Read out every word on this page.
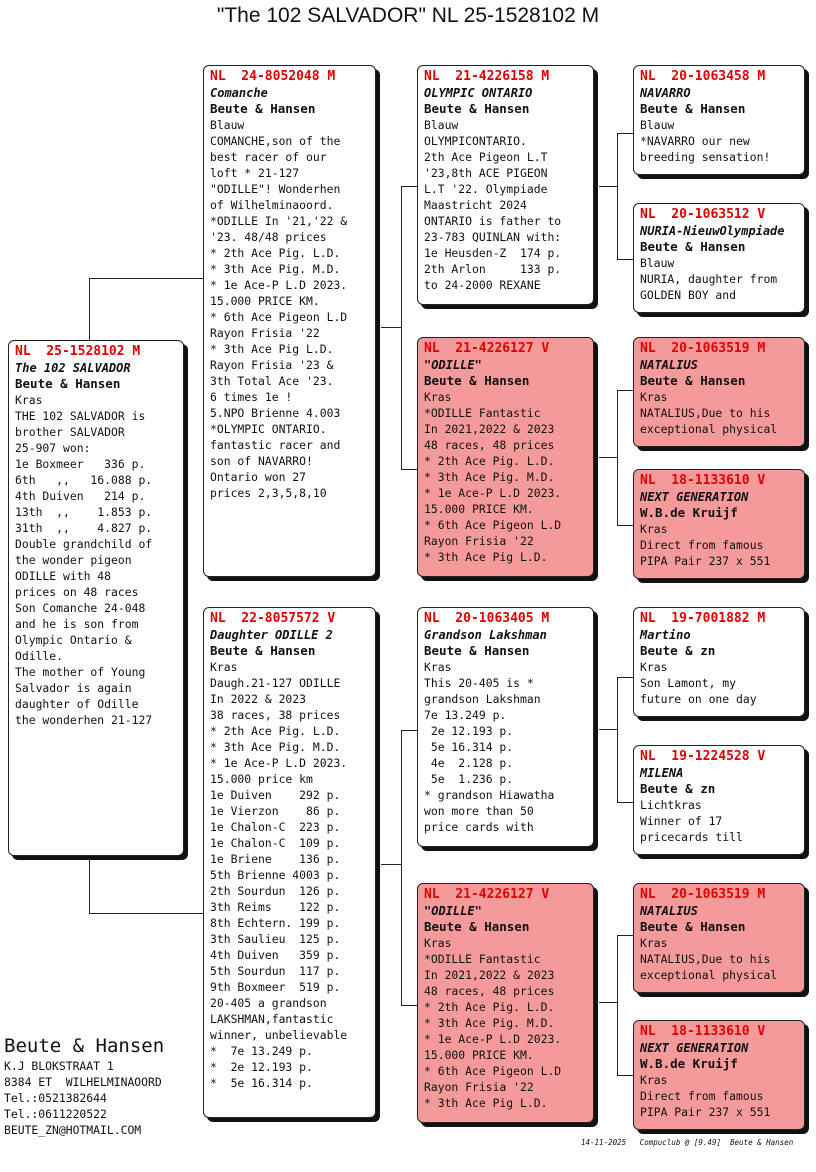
"The 102 SALVADOR" NL 25-1528102 M
NL  25-1528102 M
The 102 SALVADOR
Beute & Hansen
Kras
THE 102 SALVADOR is
brother SALVADOR
25-907 won:
1e Boxmeer   336 p.
6th   ,,   16.088 p.
4th Duiven   214 p.
13th  ,,    1.853 p.
31th  ,,    4.827 p.
Double grandchild of
the wonder pigeon
ODILLE with 48
prices on 48 races
Son Comanche 24-048
and he is son from
Olympic Ontario &
Odille.
The mother of Young
Salvador is again
daughter of Odille
the wonderhen 21-127
NL  24-8052048 M
Comanche
Beute & Hansen
Blauw
COMANCHE,son of the
best racer of our
loft * 21-127
"ODILLE"! Wonderhen
of Wilhelminaoord.
*ODILLE In '21,'22 &
'23. 48/48 prices
* 2th Ace Pig. L.D.
* 3th Ace Pig. M.D.
* 1e Ace-P L.D 2023.
15.000 PRICE KM.
* 6th Ace Pigeon L.D
Rayon Frisia '22
* 3th Ace Pig L.D.
Rayon Frisia '23 &
3th Total Ace '23.
6 times 1e !
5.NPO Brienne 4.003
*OLYMPIC ONTARIO.
fantastic racer and
son of NAVARRO!
Ontario won 27
prices 2,3,5,8,10
NL  22-8057572 V
Daughter ODILLE 2
Beute & Hansen
Kras
Daugh.21-127 ODILLE
In 2022 & 2023
38 races, 38 prices
* 2th Ace Pig. L.D.
* 3th Ace Pig. M.D.
* 1e Ace-P L.D 2023.
15.000 price km
1e Duiven    292 p.
1e Vierzon    86 p.
1e Chalon-C  223 p.
1e Chalon-C  109 p.
1e Briene    136 p.
5th Brienne 4003 p.
2th Sourdun  126 p.
3th Reims    122 p.
8th Echtern. 199 p.
3th Saulieu  125 p.
4th Duiven   359 p.
5th Sourdun  117 p.
9th Boxmeer  519 p.
20-405 a grandson
LAKSHMAN,fantastic
winner, unbelievable
*  7e 13.249 p.
*  2e 12.193 p.
*  5e 16.314 p.
NL  21-4226158 M
OLYMPIC ONTARIO
Beute & Hansen
Blauw
OLYMPICONTARIO.
2th Ace Pigeon L.T
'23,8th ACE PIGEON
L.T '22. Olympiade
Maastricht 2024
ONTARIO is father to
23-783 QUINLAN with:
1e Heusden-Z  174 p.
2th Arlon     133 p.
to 24-2000 REXANE
NL  21-4226127 V
"ODILLE"
Beute & Hansen
Kras
*ODILLE Fantastic
In 2021,2022 & 2023
48 races, 48 prices
* 2th Ace Pig. L.D.
* 3th Ace Pig. M.D.
* 1e Ace-P L.D 2023.
15.000 PRICE KM.
* 6th Ace Pigeon L.D
Rayon Frisia '22
* 3th Ace Pig L.D.
NL  20-1063405 M
Grandson Lakshman
Beute & Hansen
Kras
This 20-405 is *
grandson Lakshman
7e 13.249 p.
2e 12.193 p.
5e 16.314 p.
4e  2.128 p.
5e  1.236 p.
* grandson Hiawatha
won more than 50
price cards with
NL  21-4226127 V
"ODILLE"
Beute & Hansen
Kras
*ODILLE Fantastic
In 2021,2022 & 2023
48 races, 48 prices
* 2th Ace Pig. L.D.
* 3th Ace Pig. M.D.
* 1e Ace-P L.D 2023.
15.000 PRICE KM.
* 6th Ace Pigeon L.D
Rayon Frisia '22
* 3th Ace Pig L.D.
NL  20-1063458 M
NAVARRO
Beute & Hansen
Blauw
*NAVARRO our new
breeding sensation!
NL  20-1063512 V
NURIA-NieuwOlympiade
Beute & Hansen
Blauw
NURIA, daughter from
GOLDEN BOY and
NL  20-1063519 M
NATALIUS
Beute & Hansen
Kras
NATALIUS,Due to his
exceptional physical
NL  18-1133610 V
NEXT GENERATION
W.B.de Kruijf
Kras
Direct from famous
PIPA Pair 237 x 551
NL  19-7001882 M
Martino
Beute & zn
Kras
Son Lamont, my
future on one day
NL  19-1224528 V
MILENA
Beute & zn
Lichtkras
Winner of 17
pricecards till
NL  20-1063519 M
NATALIUS
Beute & Hansen
Kras
NATALIUS,Due to his
exceptional physical
NL  18-1133610 V
NEXT GENERATION
W.B.de Kruijf
Kras
Direct from famous
PIPA Pair 237 x 551
Beute & Hansen
K.J BLOKSTRAAT 1
8384 ET  WILHELMINAOORD
Tel.:0521382644
Tel.:0611220522
BEUTE_ZN@HOTMAIL.COM
14-11-2025   Compuclub @ [9.49]  Beute & Hansen
